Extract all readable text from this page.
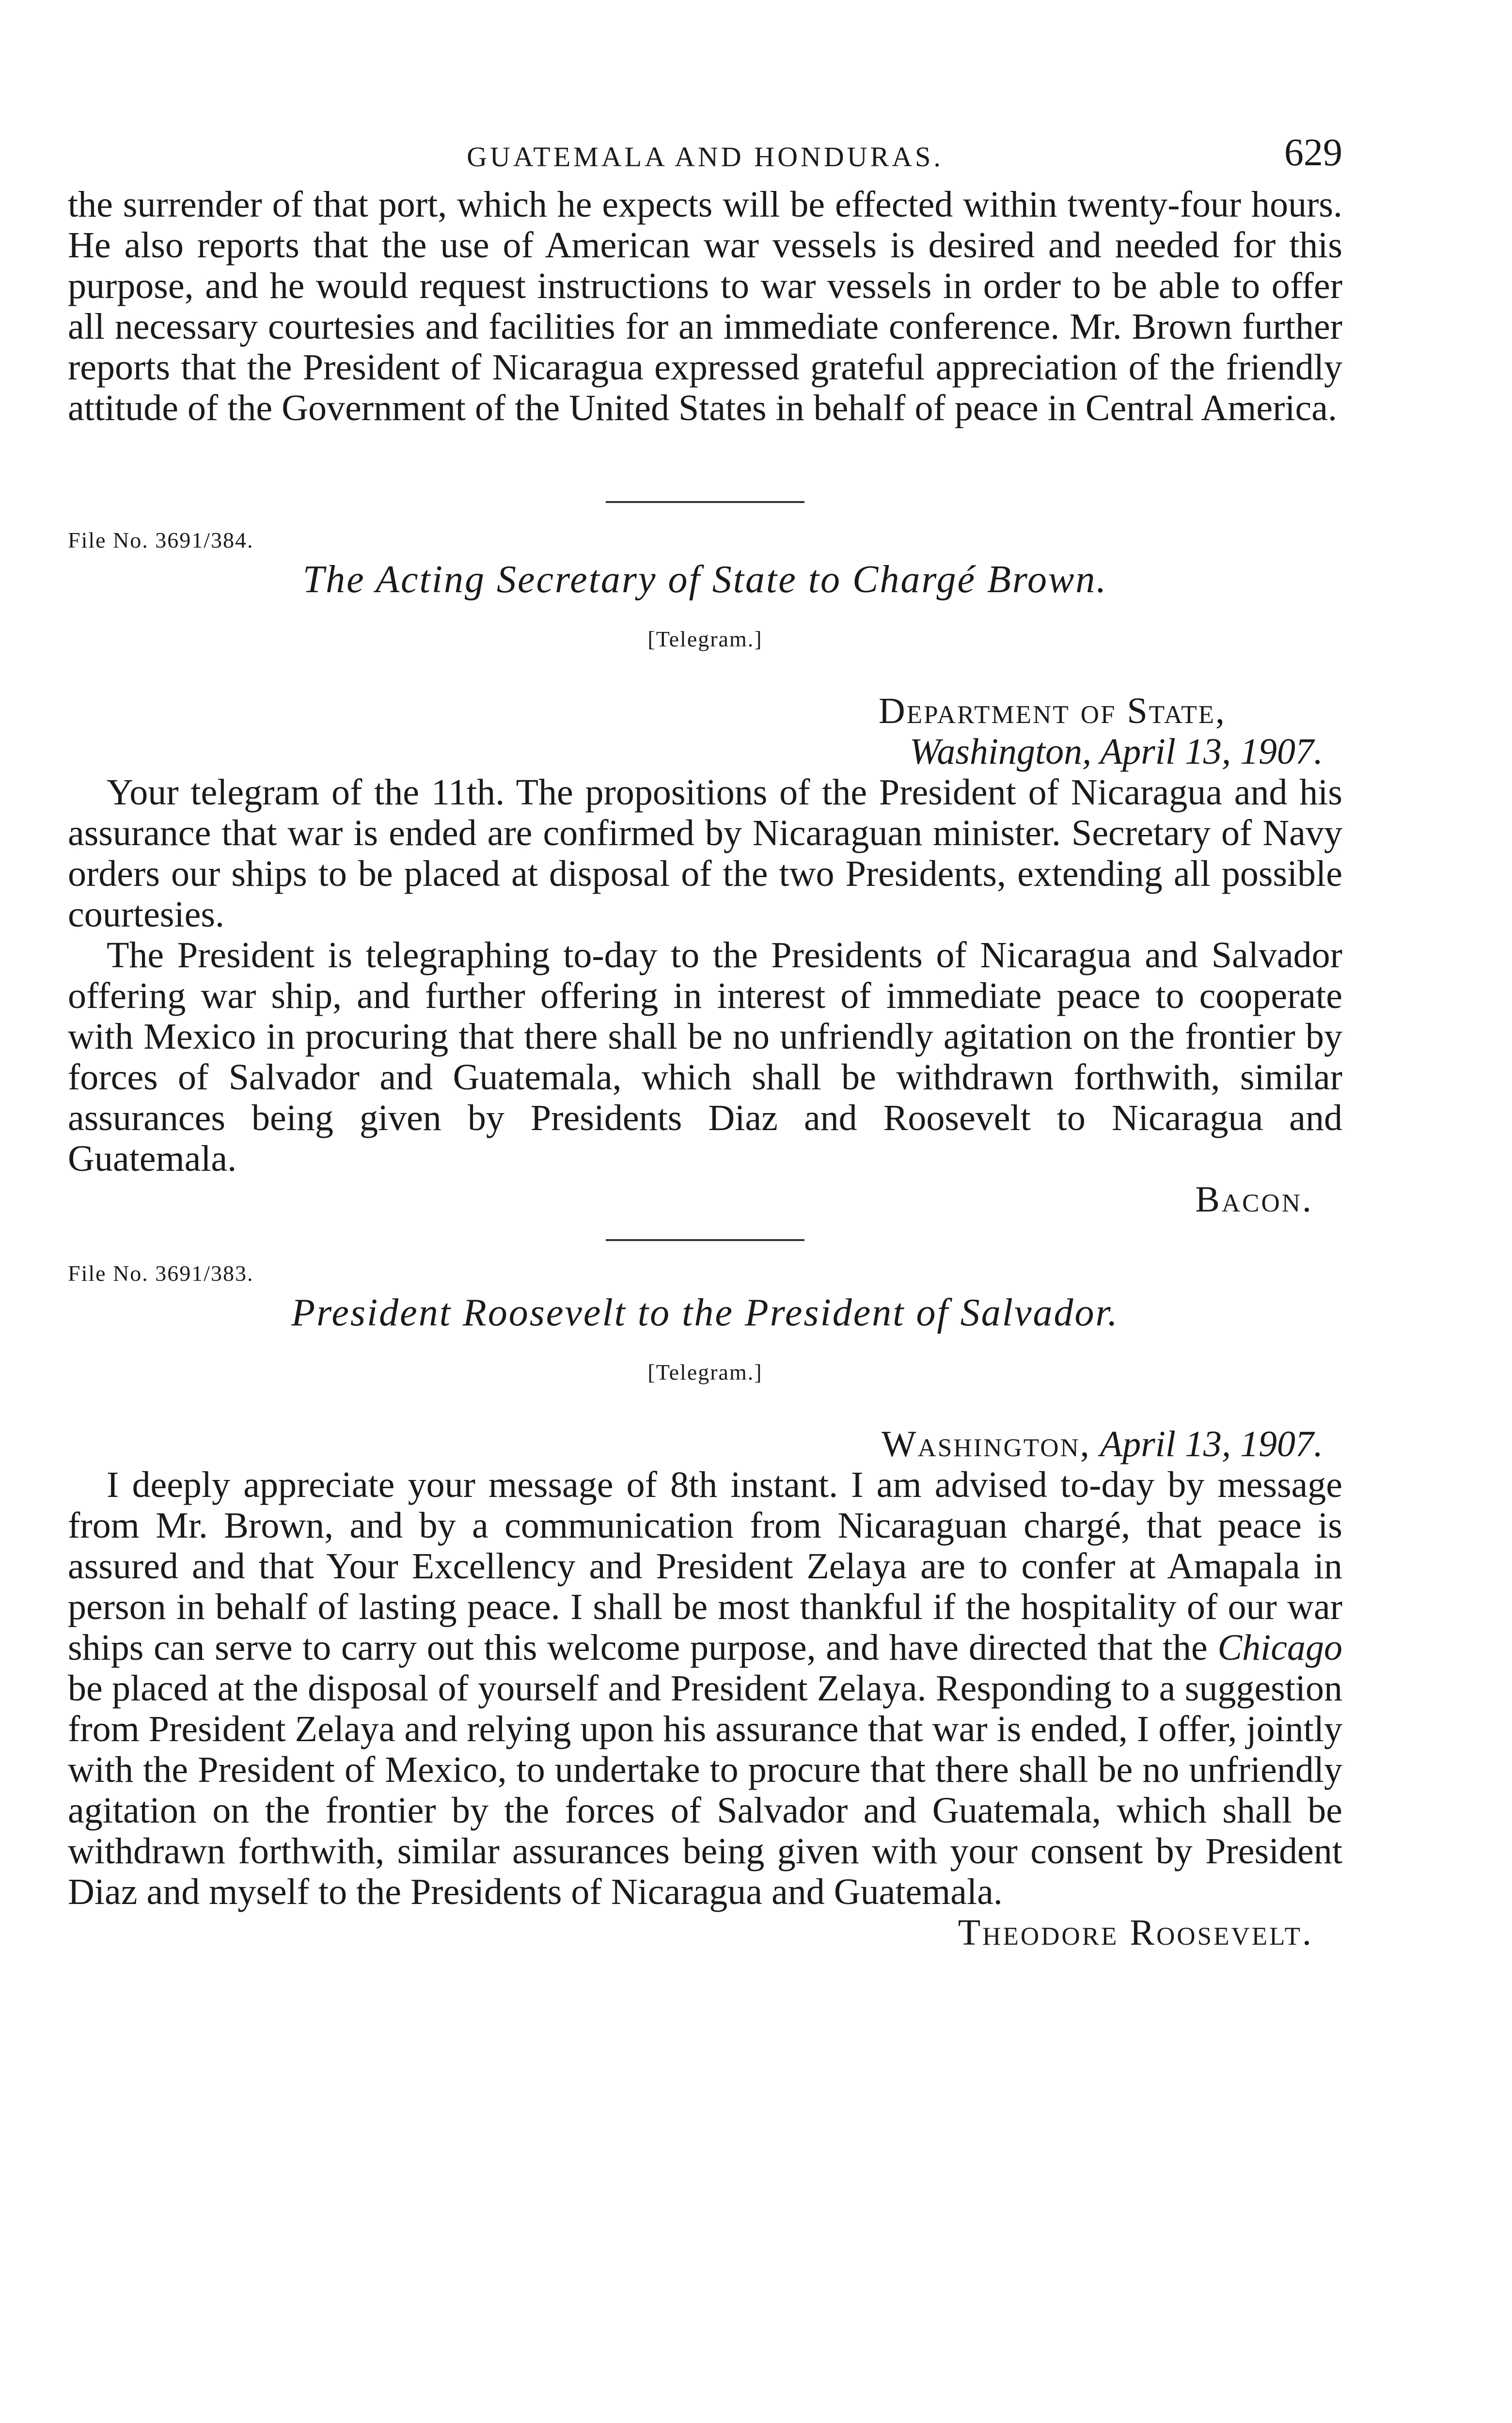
GUATEMALA AND HONDURAS.	629

the surrender of that port, which he expects will be effected within twenty-four hours. He also reports that the use of American war vessels is desired and needed for this purpose, and he would request instructions to war vessels in order to be able to offer all necessary courtesies and facilities for an immediate conference. Mr. Brown further reports that the President of Nicaragua expressed grateful appreciation of the friendly attitude of the Government of the United States in behalf of peace in Central America.

File No. 3691/384.
The Acting Secretary of State to Chargé Brown.
[Telegram.]
Department of State,
Washington, April 13, 1907.

Your telegram of the 11th. The propositions of the President of Nicaragua and his assurance that war is ended are confirmed by Nicaraguan minister. Secretary of Navy orders our ships to be placed at disposal of the two Presidents, extending all possible courtesies.

The President is telegraphing to-day to the Presidents of Nicaragua and Salvador offering war ship, and further offering in interest of immediate peace to cooperate with Mexico in procuring that there shall be no unfriendly agitation on the frontier by forces of Salvador and Guatemala, which shall be withdrawn forthwith, similar assurances being given by Presidents Diaz and Roosevelt to Nicaragua and Guatemala.

Bacon.
File No. 3691/383.
President Roosevelt to the President of Salvador.
[Telegram.]
Washington, April 13, 1907.

I deeply appreciate your message of 8th instant. I am advised to-day by message from Mr. Brown, and by a communication from Nicaraguan chargé, that peace is assured and that Your Excellency and President Zelaya are to confer at Amapala in person in behalf of lasting peace. I shall be most thankful if the hospitality of our war ships can serve to carry out this welcome purpose, and have directed that the Chicago be placed at the disposal of yourself and President Zelaya. Responding to a suggestion from President Zelaya and relying upon his assurance that war is ended, I offer, jointly with the President of Mexico, to undertake to procure that there shall be no unfriendly agitation on the frontier by the forces of Salvador and Guatemala, which shall be withdrawn forthwith, similar assurances being given with your consent by President Diaz and myself to the Presidents of Nicaragua and Guatemala.

Theodore Roosevelt.
